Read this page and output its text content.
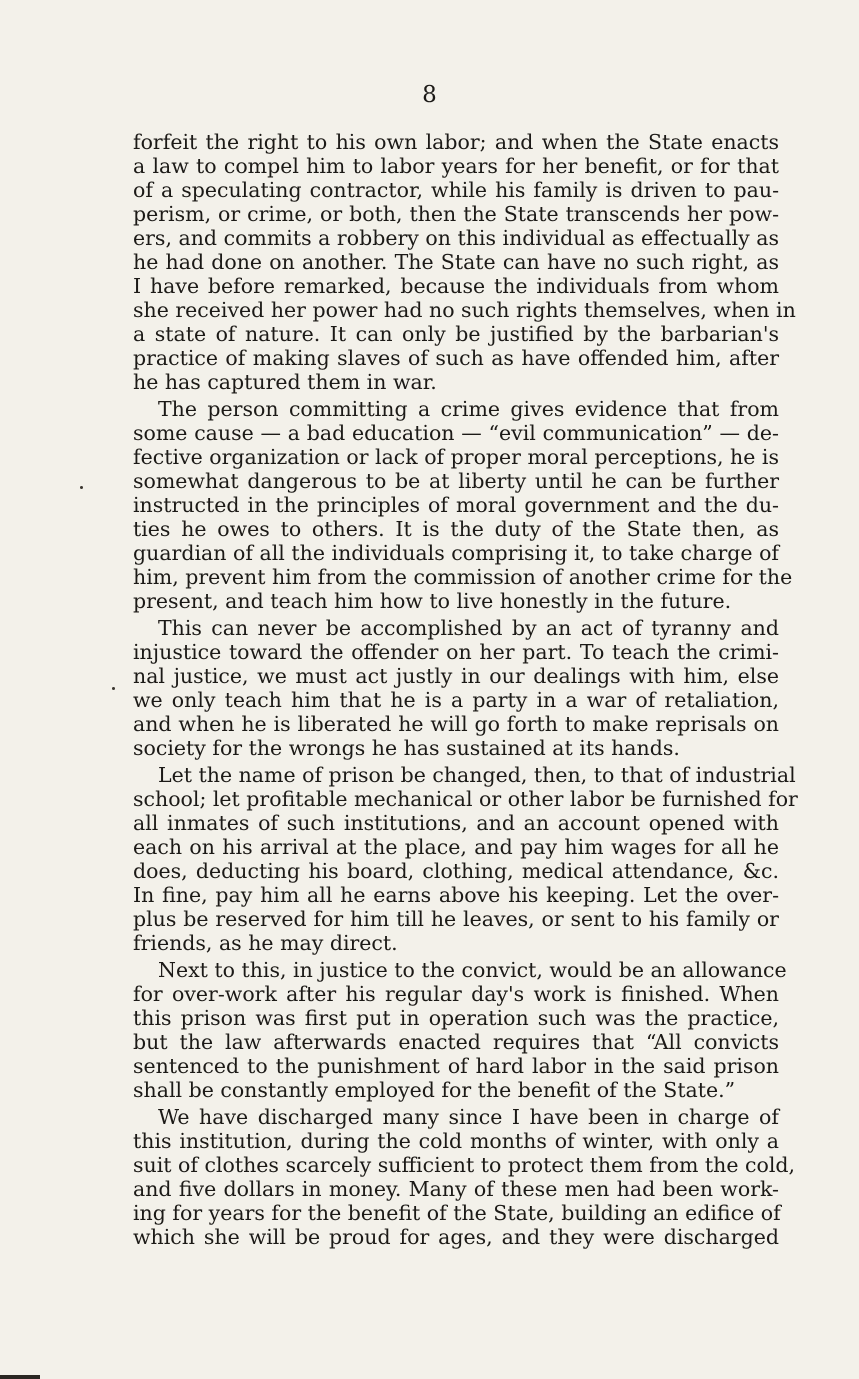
8
forfeit the right to his own labor; and when the State enacts
a law to compel him to labor years for her benefit, or for that
of a speculating contractor, while his family is driven to pau-
perism, or crime, or both, then the State transcends her pow-
ers, and commits a robbery on this individual as effectually as
he had done on another. The State can have no such right, as
I have before remarked, because the individuals from whom
she received her power had no such rights themselves, when in
a state of nature. It can only be justified by the barbarian's
practice of making slaves of such as have offended him, after
he has captured them in war.
The person committing a crime gives evidence that from
some cause — a bad education — “evil communication” — de-
fective organization or lack of proper moral perceptions, he is
somewhat dangerous to be at liberty until he can be further
instructed in the principles of moral government and the du-
ties he owes to others. It is the duty of the State then, as
guardian of all the individuals comprising it, to take charge of
him, prevent him from the commission of another crime for the
present, and teach him how to live honestly in the future.
This can never be accomplished by an act of tyranny and
injustice toward the offender on her part. To teach the crimi-
nal justice, we must act justly in our dealings with him, else
we only teach him that he is a party in a war of retaliation,
and when he is liberated he will go forth to make reprisals on
society for the wrongs he has sustained at its hands.
Let the name of prison be changed, then, to that of industrial
school; let profitable mechanical or other labor be furnished for
all inmates of such institutions, and an account opened with
each on his arrival at the place, and pay him wages for all he
does, deducting his board, clothing, medical attendance, &c.
In fine, pay him all he earns above his keeping. Let the over-
plus be reserved for him till he leaves, or sent to his family or
friends, as he may direct.
Next to this, in justice to the convict, would be an allowance
for over-work after his regular day's work is finished. When
this prison was first put in operation such was the practice,
but the law afterwards enacted requires that “All convicts
sentenced to the punishment of hard labor in the said prison
shall be constantly employed for the benefit of the State.”
We have discharged many since I have been in charge of
this institution, during the cold months of winter, with only a
suit of clothes scarcely sufficient to protect them from the cold,
and five dollars in money. Many of these men had been work-
ing for years for the benefit of the State, building an edifice of
which she will be proud for ages, and they were discharged
